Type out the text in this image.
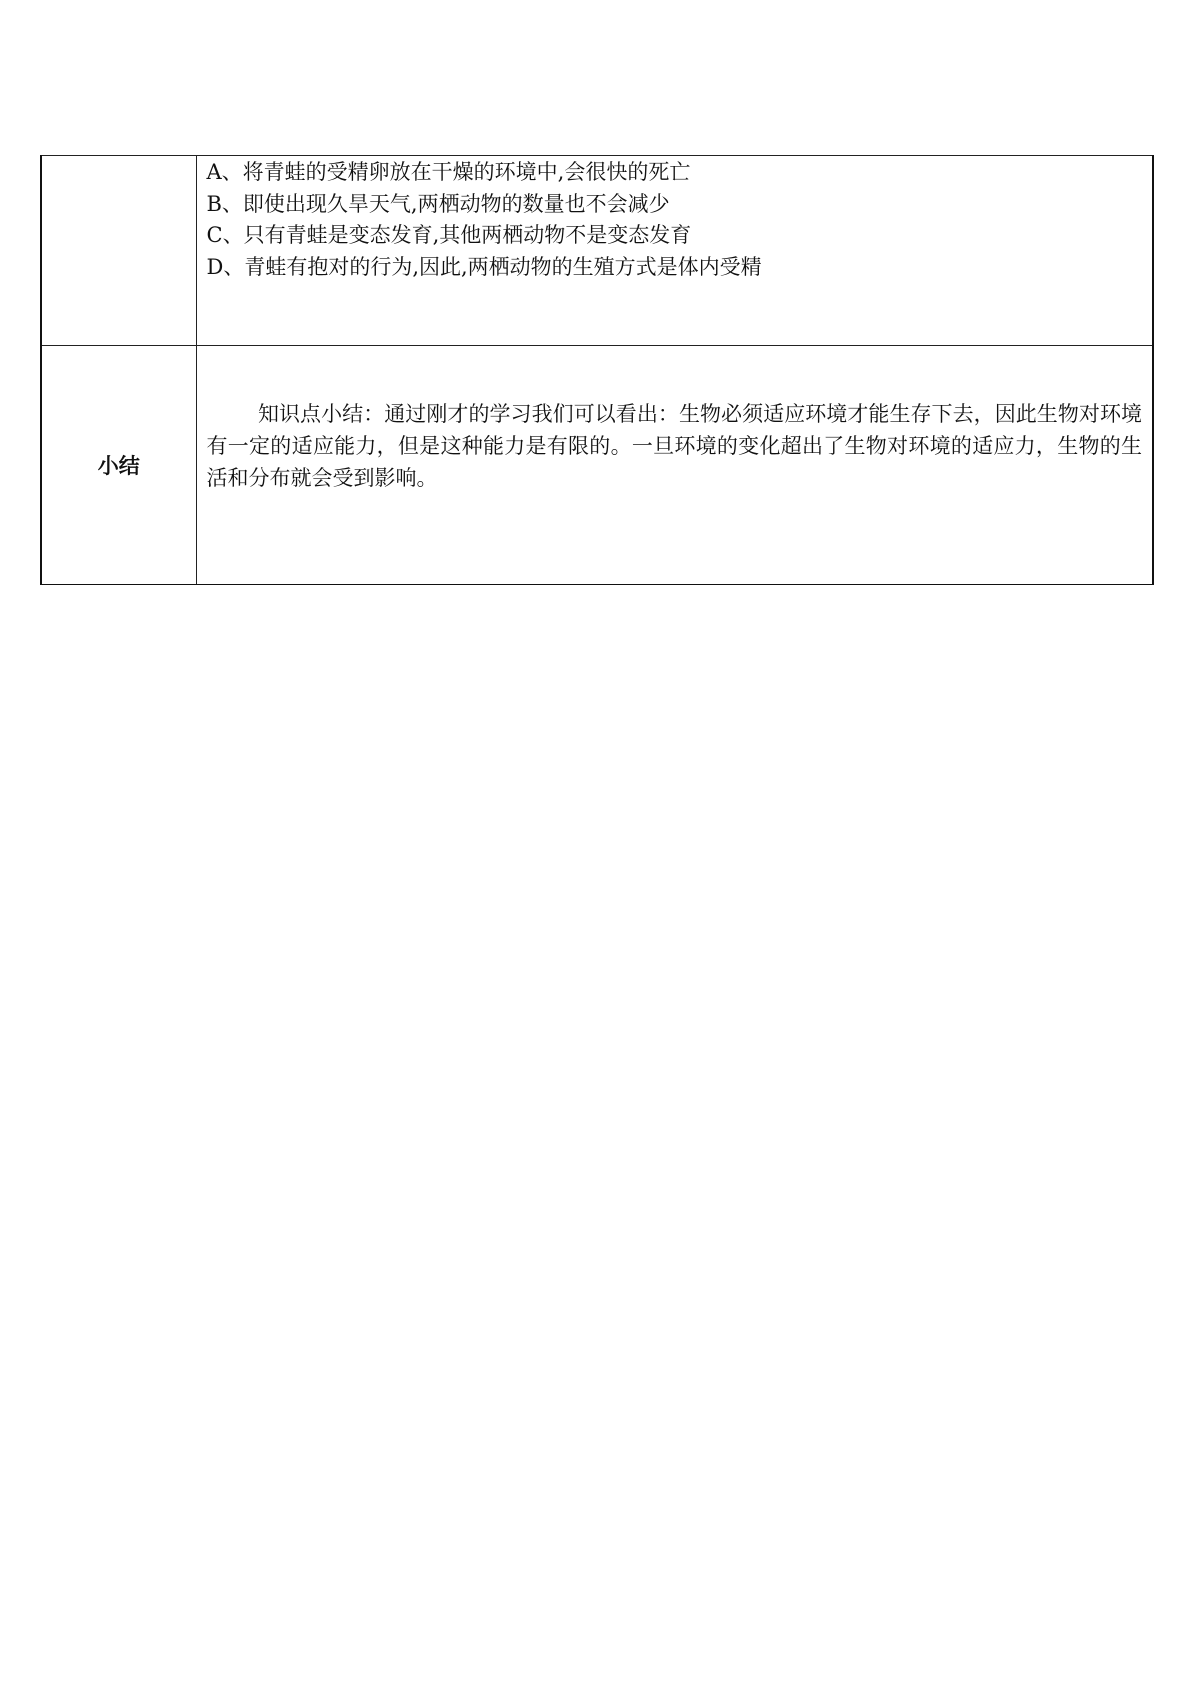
	A、将青蛙的受精卵放在干燥的环境中,会很快的死亡
B、即使出现久旱天气,两栖动物的数量也不会减少
C、只有青蛙是变态发育,其他两栖动物不是变态发育
D、青蛙有抱对的行为,因此,两栖动物的生殖方式是体内受精

小结	知识点小结：通过刚才的学习我们可以看出：生物必须适应环境才能生存下去，因此生物对环境有一定的适应能力，但是这种能力是有限的。一旦环境的变化超出了生物对环境的适应力，生物的生活和分布就会受到影响。
